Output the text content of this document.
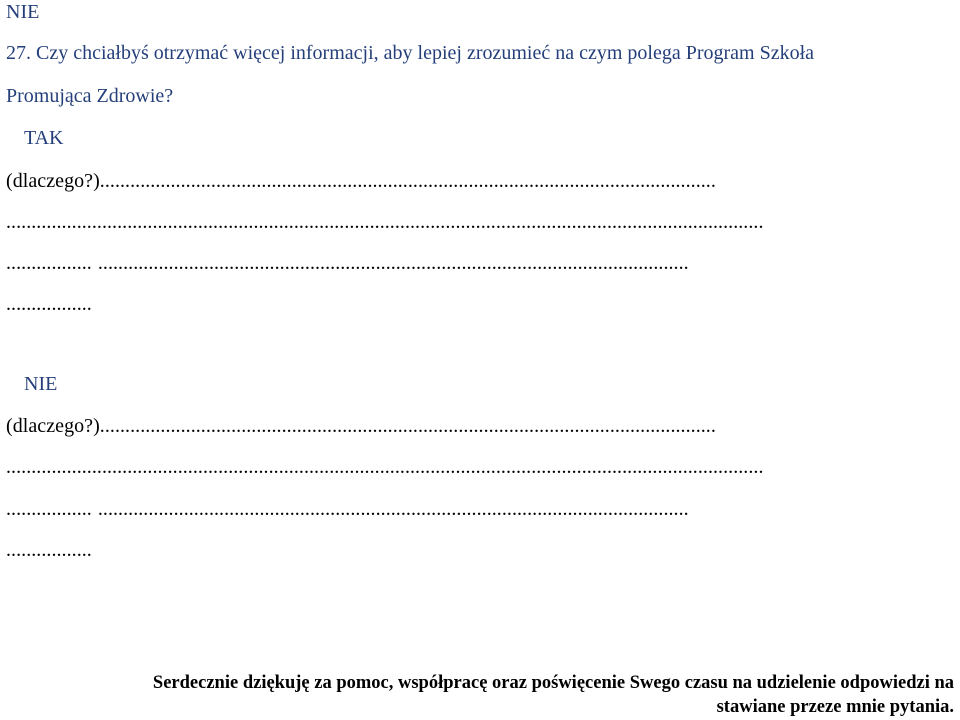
NIE
27. Czy chciałbyś otrzymać więcej informacji, aby lepiej zrozumieć na czym polega Program Szkoła
Promująca Zdrowie?
TAK
(dlaczego?)..........................................................................................................................
......................................................................................................................................................
................. .....................................................................................................................
.................
NIE
(dlaczego?)..........................................................................................................................
......................................................................................................................................................
................. .....................................................................................................................
.................
Serdecznie dziękuję za pomoc, współpracę oraz poświęcenie Swego czasu na udzielenie odpowiedzi na
stawiane przeze mnie pytania.
